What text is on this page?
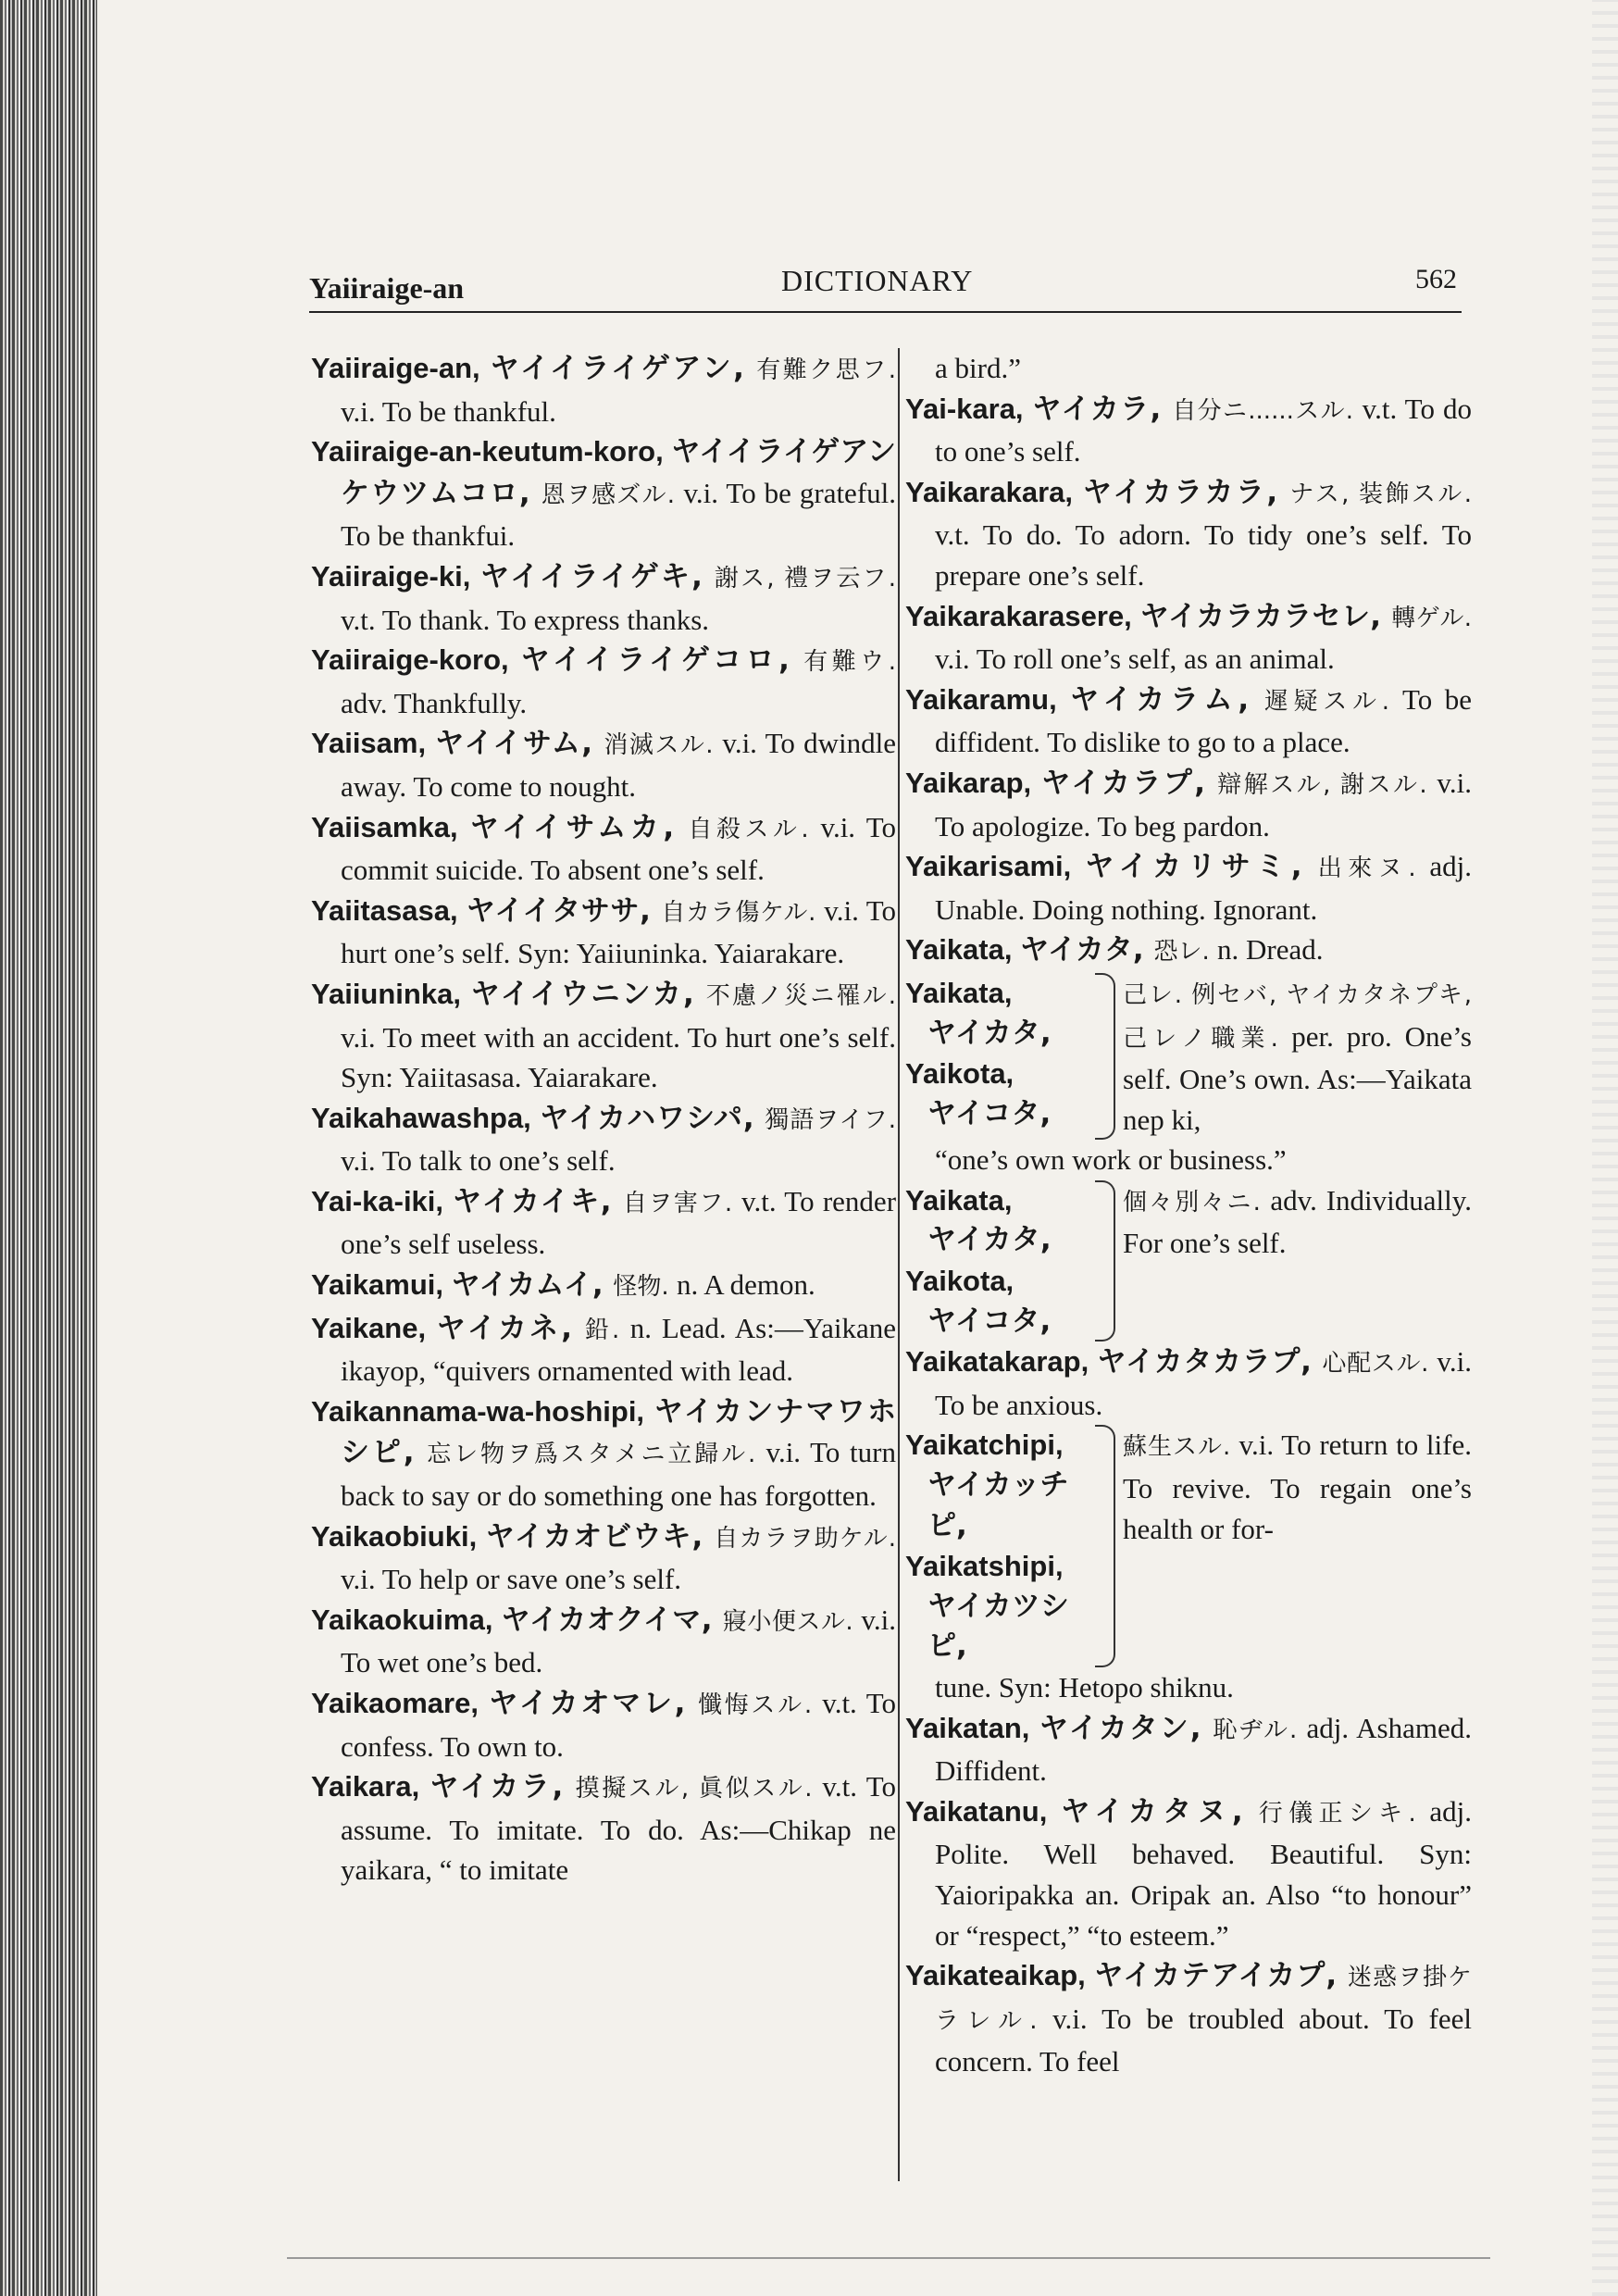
Yaiiraige-an	DICTIONARY	562

Yaiiraige-an, ヤイイライゲアン, 有難ク思フ. v.i. To be thankful.

Yaiiraige-an-keutum-koro, ヤイイライゲアンケウツムコロ, 恩ヲ感ズル. v.i. To be grateful. To be thankfui.

Yaiiraige-ki, ヤイイライゲキ, 謝ス, 禮ヲ云フ. v.t. To thank. To express thanks.

Yaiiraige-koro, ヤイイライゲコロ, 有難ウ. adv. Thankfully.

Yaiisam, ヤイイサム, 消滅スル. v.i. To dwindle away. To come to nought.

Yaiisamka, ヤイイサムカ, 自殺スル. v.i. To commit suicide. To absent one’s self.

Yaiitasasa, ヤイイタササ, 自カラ傷ケル. v.i. To hurt one’s self. Syn: Yaiiuninka. Yaiarakare.

Yaiiuninka, ヤイイウニンカ, 不慮ノ災ニ罹ル. v.i. To meet with an accident. To hurt one’s self. Syn: Yaiitasasa. Yaiarakare.

Yaikahawashpa, ヤイカハワシパ, 獨語ヲイフ. v.i. To talk to one’s self.

Yai-ka-iki, ヤイカイキ, 自ヲ害フ. v.t. To render one’s self useless.

Yaikamui, ヤイカムイ, 怪物. n. A demon.

Yaikane, ヤイカネ, 鉛. n. Lead. As:—Yaikane ikayop, “quivers ornamented with lead.

Yaikannama-wa-hoshipi, ヤイカンナマワホシピ, 忘レ物ヲ爲スタメニ立歸ル. v.i. To turn back to say or do something one has forgotten.

Yaikaobiuki, ヤイカオビウキ, 自カラヲ助ケル. v.i. To help or save one’s self.

Yaikaokuima, ヤイカオクイマ, 寢小便スル. v.i. To wet one’s bed.

Yaikaomare, ヤイカオマレ, 懺悔スル. v.t. To confess. To own to.

Yaikara, ヤイカラ, 摸擬スル, 眞似スル. v.t. To assume. To imitate. To do. As:—Chikap ne yaikara, “ to imitate

a bird.”

Yai-kara, ヤイカラ, 自分ニ......スル. v.t. To do to one’s self.

Yaikarakara, ヤイカラカラ, ナス, 装飾スル. v.t. To do. To adorn. To tidy one’s self. To prepare one’s self.

Yaikarakarasere, ヤイカラカラセレ, 轉ゲル. v.i. To roll one’s self, as an animal.

Yaikaramu, ヤイカラム, 遲疑スル. To be diffident. To dislike to go to a place.

Yaikarap, ヤイカラプ, 辯解スル, 謝スル. v.i. To apologize. To beg pardon.

Yaikarisami, ヤイカリサミ, 出來ヌ. adj. Unable. Doing nothing. Ignorant.

Yaikata, ヤイカタ, 恐レ. n. Dread.

Yaikata,
ヤイカタ,
Yaikota,
ヤイコタ,
己レ. 例セバ, ヤイカタネプキ, 己レノ職業. per. pro. One’s self. One’s own. As:—Yaikata nep ki,

“one’s own work or business.”

Yaikata,
ヤイカタ,
Yaikota,
ヤイコタ,
個々別々ニ. adv. Individually. For one’s self.

Yaikatakarap, ヤイカタカラプ, 心配スル. v.i. To be anxious.

Yaikatchipi,
ヤイカッチピ,
Yaikatshipi,
ヤイカツシピ,
蘇生スル. v.i. To return to life. To revive. To regain one’s health or for-

tune. Syn: Hetopo shiknu.

Yaikatan, ヤイカタン, 恥ヂル. adj. Ashamed. Diffident.

Yaikatanu, ヤイカタヌ, 行儀正シキ. adj. Polite. Well behaved. Beautiful. Syn: Yaioripakka an. Oripak an. Also “to honour” or “respect,” “to esteem.”

Yaikateaikap, ヤイカテアイカプ, 迷惑ヲ掛ケラレル. v.i. To be troubled about. To feel concern. To feel
